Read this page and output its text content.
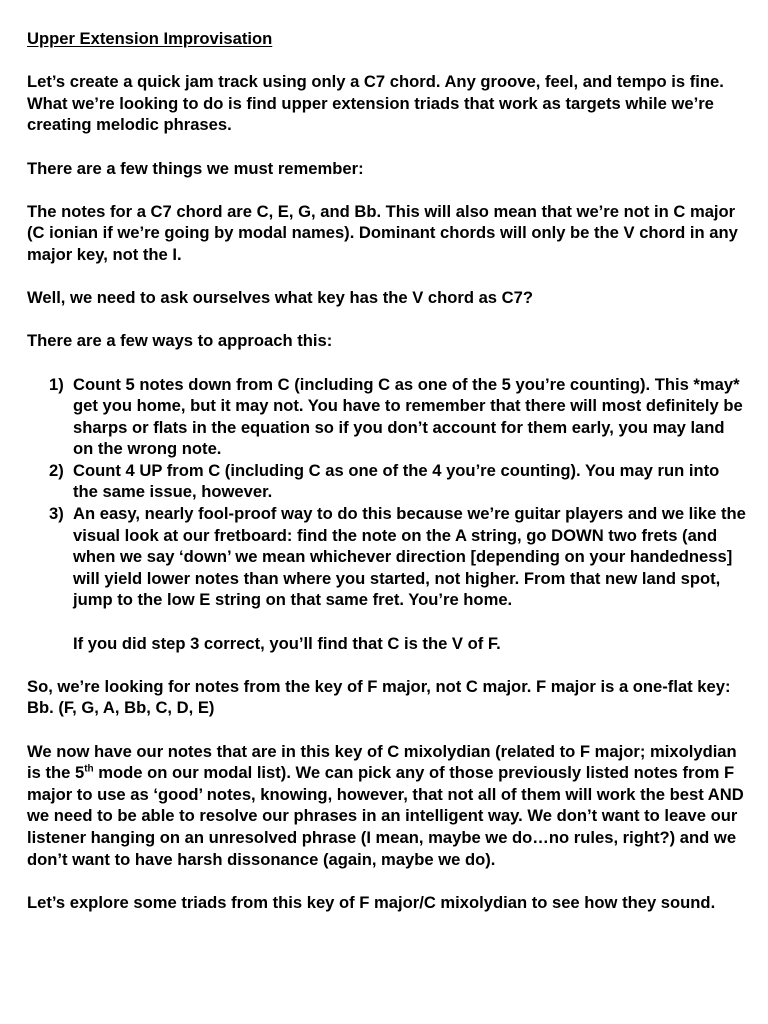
Upper Extension Improvisation

Let’s create a quick jam track using only a C7 chord. Any groove, feel, and tempo is fine. What we’re looking to do is find upper extension triads that work as targets while we’re creating melodic phrases.

There are a few things we must remember:

The notes for a C7 chord are C, E, G, and Bb. This will also mean that we’re not in C major (C ionian if we’re going by modal names). Dominant chords will only be the V chord in any major key, not the I.

Well, we need to ask ourselves what key has the V chord as C7?

There are a few ways to approach this:

Count 5 notes down from C (including C as one of the 5 you’re counting). This *may* get you home, but it may not. You have to remember that there will most definitely be sharps or flats in the equation so if you don’t account for them early, you may land on the wrong note.
Count 4 UP from C (including C as one of the 4 you’re counting). You may run into the same issue, however.
An easy, nearly fool-proof way to do this because we’re guitar players and we like the visual look at our fretboard: find the note on the A string, go DOWN two frets (and when we say ‘down’ we mean whichever direction [depending on your handedness] will yield lower notes than where you started, not higher. From that new land spot, jump to the low E string on that same fret. You’re home.

If you did step 3 correct, you’ll find that C is the V of F.

So, we’re looking for notes from the key of F major, not C major. F major is a one-flat key: Bb. (F, G, A, Bb, C, D, E)

We now have our notes that are in this key of C mixolydian (related to F major; mixolydian is the 5th mode on our modal list). We can pick any of those previously listed notes from F major to use as ‘good’ notes, knowing, however, that not all of them will work the best AND we need to be able to resolve our phrases in an intelligent way. We don’t want to leave our listener hanging on an unresolved phrase (I mean, maybe we do…no rules, right?) and we don’t want to have harsh dissonance (again, maybe we do).

Let’s explore some triads from this key of F major/C mixolydian to see how they sound.
